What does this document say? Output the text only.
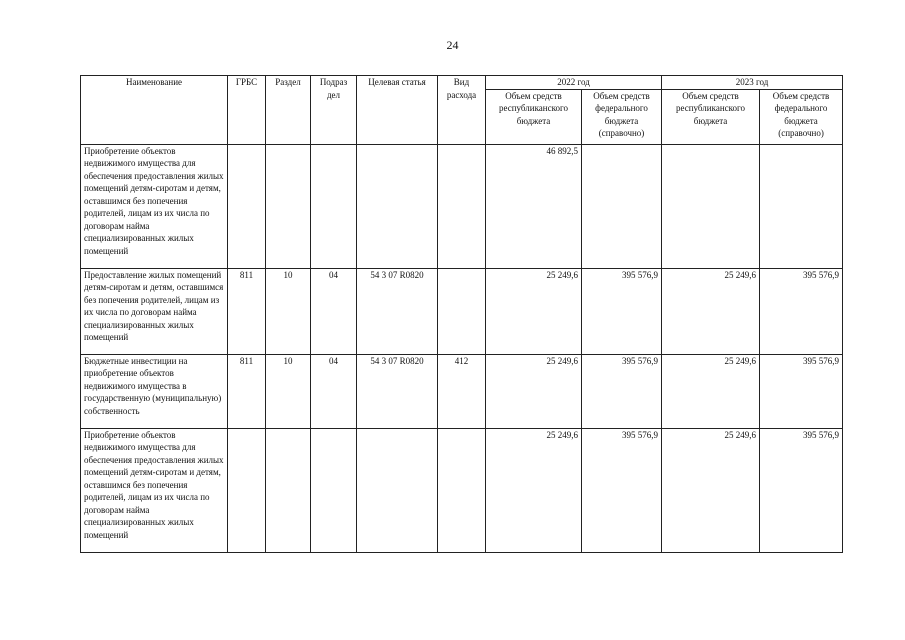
24
Наименование	ГРБС	Раздел	Подраз дел	Целевая статья	Вид расхода	2022 год		2023 год	
						Объем средств республиканского бюджета	Объем средств федерального бюджета (справочно)	Объем средств республиканского бюджета	Объем средств федерального бюджета (справочно)
Приобретение объектов недвижимого имущества для обеспечения предоставления жилых помещений детям-сиротам и детям, оставшимся без попечения родителей, лицам из их числа по договорам найма специализированных жилых помещений						46 892,5			
Предоставление жилых помещений детям-сиротам и детям, оставшимся без попечения родителей, лицам из их числа по договорам найма специализированных жилых помещений	811	10	04	54 3 07 R0820		25 249,6	395 576,9	25 249,6	395 576,9
Бюджетные инвестиции на приобретение объектов недвижимого имущества в государственную (муниципальную) собственность	811	10	04	54 3 07 R0820	412	25 249,6	395 576,9	25 249,6	395 576,9
Приобретение объектов недвижимого имущества для обеспечения предоставления жилых помещений детям-сиротам и детям, оставшимся без попечения родителей, лицам из их числа по договорам найма специализированных жилых помещений						25 249,6	395 576,9	25 249,6	395 576,9
